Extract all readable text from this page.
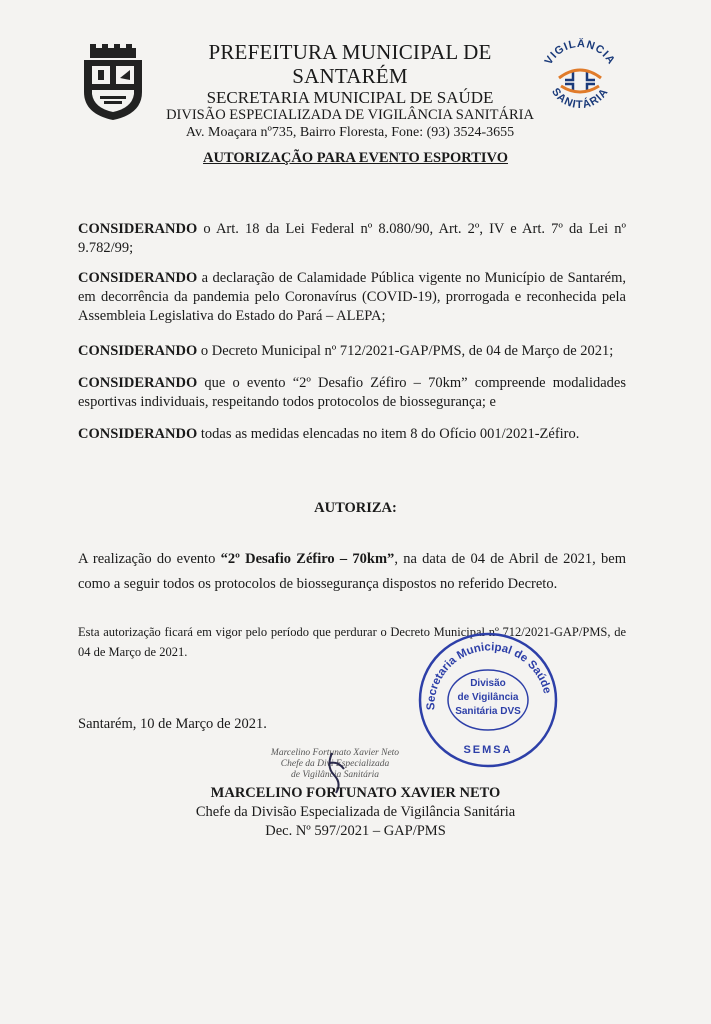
PREFEITURA MUNICIPAL DE SANTARÉM
SECRETARIA MUNICIPAL DE SAÚDE
DIVISÃO ESPECIALIZADA DE VIGILÂNCIA SANITÁRIA
Av. Moaçara nº735, Bairro Floresta, Fone: (93) 3524-3655
VIGILÂNCIA
SANITÁRIA
AUTORIZAÇÃO PARA EVENTO ESPORTIVO
CONSIDERANDO o Art. 18 da Lei Federal nº 8.080/90, Art. 2º, IV e Art. 7º da Lei nº 9.782/99;
CONSIDERANDO a declaração de Calamidade Pública vigente no Município de Santarém, em decorrência da pandemia pelo Coronavírus (COVID-19), prorrogada e reconhecida pela Assembleia Legislativa do Estado do Pará – ALEPA;
CONSIDERANDO o Decreto Municipal nº 712/2021-GAP/PMS, de 04 de Março de 2021;
CONSIDERANDO que o evento “2º Desafio Zéfiro – 70km” compreende modalidades esportivas individuais, respeitando todos protocolos de biossegurança; e
CONSIDERANDO todas as medidas elencadas no item 8 do Ofício 001/2021-Zéfiro.
AUTORIZA:
A realização do evento “2º Desafio Zéfiro – 70km”, na data de 04 de Abril de 2021, bem como a seguir todos os protocolos de biossegurança dispostos no referido Decreto.
Esta autorização ficará em vigor pelo período que perdurar o Decreto Municipal nº 712/2021-GAP/PMS, de 04 de Março de 2021.
Secretaria Municipal de Saúde
Divisão
de Vigilância
Sanitária DVS
SEMSA
Santarém, 10 de Março de 2021.
Marcelino Fortunato Xavier Neto
Chefe da Divi Especializada
de Vigilância Sanitária
MARCELINO FORTUNATO XAVIER NETO
Chefe da Divisão Especializada de Vigilância Sanitária
Dec. Nº 597/2021 – GAP/PMS
